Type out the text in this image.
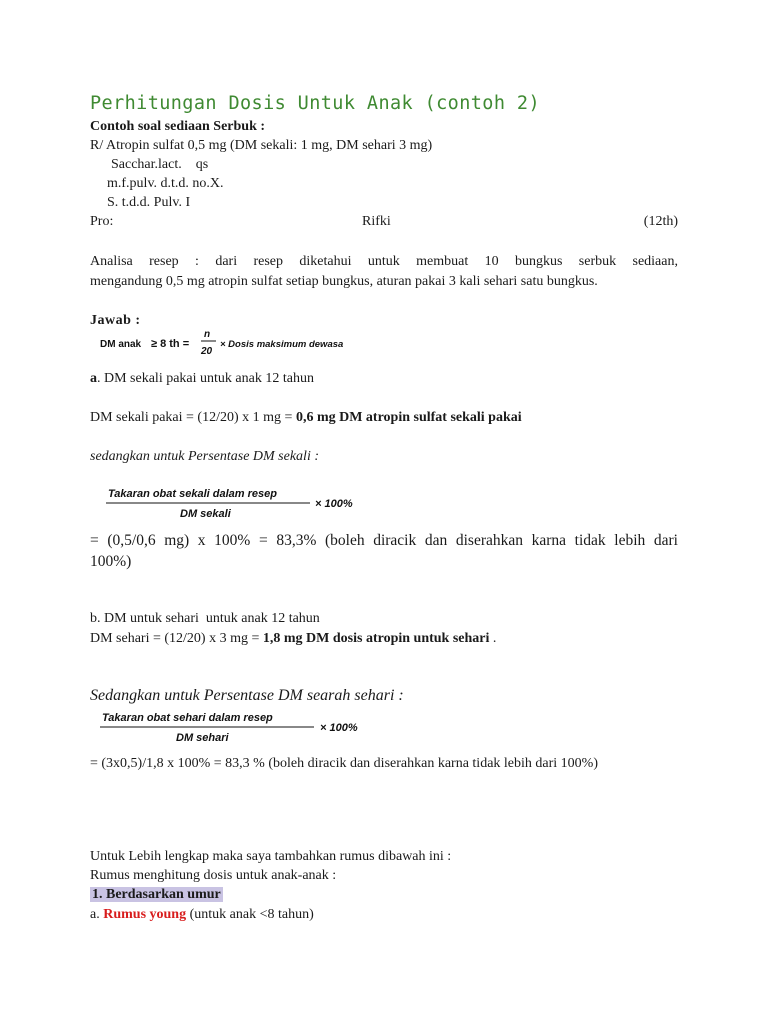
Perhitungan Dosis Untuk Anak (contoh 2)
Contoh soal sediaan Serbuk :
R/ Atropin sulfat 0,5 mg (DM sekali: 1 mg, DM sehari 3 mg)
Sacchar.lact.    qs
m.f.pulv. d.t.d. no.X.
S. t.d.d. Pulv. I
Pro:	Rifki	(12th)
Analisa resep : dari resep diketahui untuk membuat 10 bungkus serbuk sediaan,
mengandung 0,5 mg atropin sulfat setiap bungkus, aturan pakai 3 kali sehari satu bungkus.
Jawab :
DM anak ≥ 8 th =
n
20
× Dosis maksimum dewasa
a. DM sekali pakai untuk anak 12 tahun
DM sekali pakai = (12/20) x 1 mg = 0,6 mg DM atropin sulfat sekali pakai
sedangkan untuk Persentase DM sekali :
Takaran obat sekali dalam resep
DM sekali
× 100%
= (0,5/0,6 mg) x 100% = 83,3% (boleh diracik dan diserahkan karna tidak lebih dari
100%)
b. DM untuk sehari  untuk anak 12 tahun
DM sehari = (12/20) x 3 mg = 1,8 mg DM dosis atropin untuk sehari .
Sedangkan untuk Persentase DM searah sehari :
Takaran obat sehari dalam resep
DM sehari
× 100%
= (3x0,5)/1,8 x 100% = 83,3 % (boleh diracik dan diserahkan karna tidak lebih dari 100%)
Untuk Lebih lengkap maka saya tambahkan rumus dibawah ini :
Rumus menghitung dosis untuk anak-anak :
1. Berdasarkan umur
a. Rumus young (untuk anak <8 tahun)
